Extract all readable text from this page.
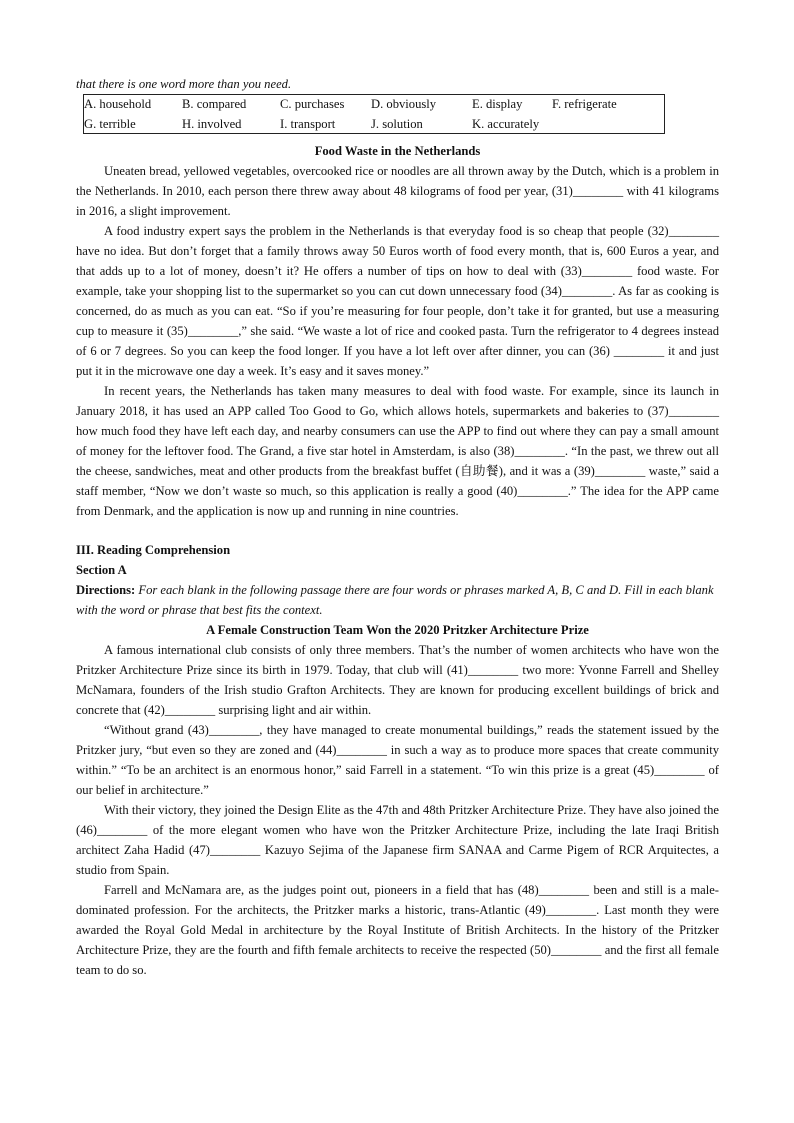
that there is one word more than you need.

A. household B. compared	C. purchases D. obviously	E. display F. refrigerate
G. terrible	H. involved	I. transport	J. solution	K. accurately

Food Waste in the Netherlands

Uneaten bread, yellowed vegetables, overcooked rice or noodles are all thrown away by the Dutch, which is a problem in the Netherlands. In 2010, each person there threw away about 48 kilograms of food per year, (31)________ with 41 kilograms in 2016, a slight improvement.

A food industry expert says the problem in the Netherlands is that everyday food is so cheap that people (32)________ have no idea. But don’t forget that a family throws away 50 Euros worth of food every month, that is, 600 Euros a year, and that adds up to a lot of money, doesn’t it? He offers a number of tips on how to deal with (33)________ food waste. For example, take your shopping list to the supermarket so you can cut down unnecessary food (34)________. As far as cooking is concerned, do as much as you can eat. “So if you’re measuring for four people, don’t take it for granted, but use a measuring cup to measure it (35)________,” she said. “We waste a lot of rice and cooked pasta. Turn the refrigerator to 4 degrees instead of 6 or 7 degrees. So you can keep the food longer. If you have a lot left over after dinner, you can (36) ________ it and just put it in the microwave one day a week. It’s easy and it saves money.”

In recent years, the Netherlands has taken many measures to deal with food waste. For example, since its launch in January 2018, it has used an APP called Too Good to Go, which allows hotels, supermarkets and bakeries to (37)________ how much food they have left each day, and nearby consumers can use the APP to find out where they can pay a small amount of money for the leftover food. The Grand, a five star hotel in Amsterdam, is also (38)________. “In the past, we threw out all the cheese, sandwiches, meat and other products from the breakfast buffet (自助餐), and it was a (39)________ waste,” said a staff member, “Now we don’t waste so much, so this application is really a good (40)________.” The idea for the APP came from Denmark, and the application is now up and running in nine countries.

III. Reading Comprehension

Section A

Directions: For each blank in the following passage there are four words or phrases marked A, B, C and D. Fill in each blank with the word or phrase that best fits the context.

A Female Construction Team Won the 2020 Pritzker Architecture Prize

A famous international club consists of only three members. That’s the number of women architects who have won the Pritzker Architecture Prize since its birth in 1979. Today, that club will (41)________ two more: Yvonne Farrell and Shelley McNamara, founders of the Irish studio Grafton Architects. They are known for producing excellent buildings of brick and concrete that (42)________ surprising light and air within.

“Without grand (43)________, they have managed to create monumental buildings,” reads the statement issued by the Pritzker jury, “but even so they are zoned and (44)________ in such a way as to produce more spaces that create community within.” “To be an architect is an enormous honor,” said Farrell in a statement. “To win this prize is a great (45)________ of our belief in architecture.”

With their victory, they joined the Design Elite as the 47th and 48th Pritzker Architecture Prize. They have also joined the (46)________ of the more elegant women who have won the Pritzker Architecture Prize, including the late Iraqi British architect Zaha Hadid (47)________ Kazuyo Sejima of the Japanese firm SANAA and Carme Pigem of RCR Arquitectes, a studio from Spain.

Farrell and McNamara are, as the judges point out, pioneers in a field that has (48)________ been and still is a male-dominated profession. For the architects, the Pritzker marks a historic, trans-Atlantic (49)________. Last month they were awarded the Royal Gold Medal in architecture by the Royal Institute of British Architects. In the history of the Pritzker Architecture Prize, they are the fourth and fifth female architects to receive the respected (50)________ and the first all female team to do so.
